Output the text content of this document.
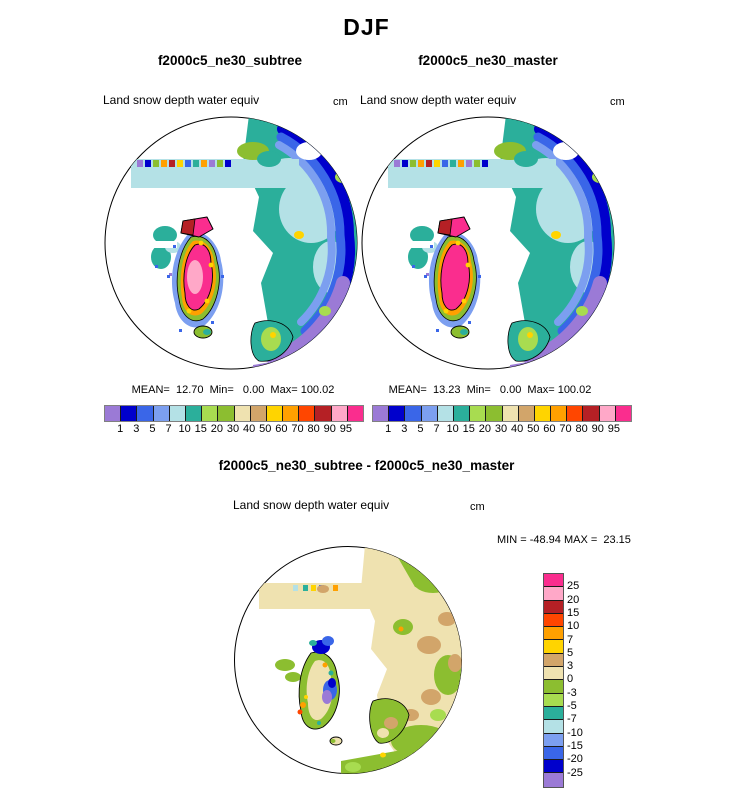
DJF
f2000c5_ne30_subtree
Land snow depth water equiv	cm
MEAN=  12.70  Min=   0.00  Max= 100.02
1 3 5 7 10 15 20 30 40 50 60 70 80 90 95
f2000c5_ne30_master
Land snow depth water equiv	cm
MEAN=  13.23  Min=   0.00  Max= 100.02
1 3 5 7 10 15 20 30 40 50 60 70 80 90 95
f2000c5_ne30_subtree - f2000c5_ne30_master
Land snow depth water equiv	cm
MIN = -48.94 MAX =  23.15
25
20
15
10
7
5
3
0
-3
-5
-7
-10
-15
-20
-25
